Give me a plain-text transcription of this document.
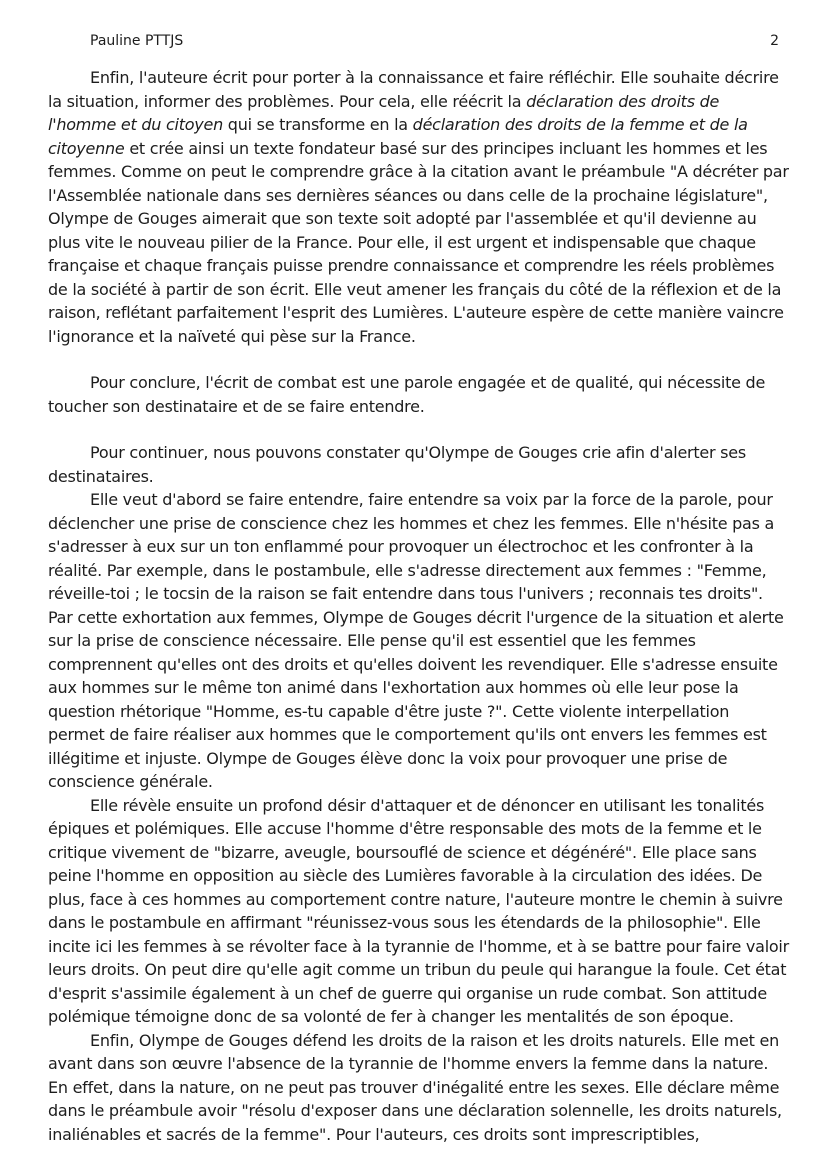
Pauline PTTJS	2

Enfin, l'auteure écrit pour porter à la connaissance et faire réfléchir. Elle souhaite décrire la situation, informer des problèmes. Pour cela, elle réécrit la déclaration des droits de l'homme et du citoyen qui se transforme en la déclaration des droits de la femme et de la citoyenne et crée ainsi un texte fondateur basé sur des principes incluant les hommes et les femmes. Comme on peut le comprendre grâce à la citation avant le préambule "A décréter par l'Assemblée nationale dans ses dernières séances ou dans celle de la prochaine législature", Olympe de Gouges aimerait que son texte soit adopté par l'assemblée et qu'il devienne au plus vite le nouveau pilier de la France. Pour elle, il est urgent et indispensable que chaque française et chaque français puisse prendre connaissance et comprendre les réels problèmes de la société à partir de son écrit. Elle veut amener les français du côté de la réflexion et de la raison, reflétant parfaitement l'esprit des Lumières. L'auteure espère de cette manière vaincre l'ignorance et la naïveté qui pèse sur la France.

Pour conclure, l'écrit de combat est une parole engagée et de qualité, qui nécessite de toucher son destinataire et de se faire entendre.

Pour continuer, nous pouvons constater qu'Olympe de Gouges crie afin d'alerter ses destinataires.

Elle veut d'abord se faire entendre, faire entendre sa voix par la force de la parole, pour déclencher une prise de conscience chez les hommes et chez les femmes. Elle n'hésite pas a s'adresser à eux sur un ton enflammé pour provoquer un électrochoc et les confronter à la réalité. Par exemple, dans le postambule, elle s'adresse directement aux femmes : "Femme, réveille-toi ; le tocsin de la raison se fait entendre dans tous l'univers ; reconnais tes droits". Par cette exhortation aux femmes, Olympe de Gouges décrit l'urgence de la situation et alerte sur la prise de conscience nécessaire. Elle pense qu'il est essentiel que les femmes comprennent qu'elles ont des droits et qu'elles doivent les revendiquer. Elle s'adresse ensuite aux hommes sur le même ton animé dans l'exhortation aux hommes où elle leur pose la question rhétorique "Homme, es-tu capable d'être juste ?". Cette violente interpellation permet de faire réaliser aux hommes que le comportement qu'ils ont envers les femmes est illégitime et injuste. Olympe de Gouges élève donc la voix pour provoquer une prise de conscience générale.

Elle révèle ensuite un profond désir d'attaquer et de dénoncer en utilisant les tonalités épiques et polémiques. Elle accuse l'homme d'être responsable des mots de la femme et le critique vivement de "bizarre, aveugle, boursouflé de science et dégénéré". Elle place sans peine l'homme en opposition au siècle des Lumières favorable à la circulation des idées. De plus, face à ces hommes au comportement contre nature, l'auteure montre le chemin à suivre dans le postambule en affirmant "réunissez-vous sous les étendards de la philosophie". Elle incite ici les femmes à se révolter face à la tyrannie de l'homme, et à se battre pour faire valoir leurs droits. On peut dire qu'elle agit comme un tribun du peule qui harangue la foule. Cet état d'esprit s'assimile également à un chef de guerre qui organise un rude combat. Son attitude polémique témoigne donc de sa volonté de fer à changer les mentalités de son époque.

Enfin, Olympe de Gouges défend les droits de la raison et les droits naturels. Elle met en avant dans son œuvre l'absence de la tyrannie de l'homme envers la femme dans la nature. En effet, dans la nature, on ne peut pas trouver d'inégalité entre les sexes. Elle déclare même dans le préambule avoir "résolu d'exposer dans une déclaration solennelle, les droits naturels, inaliénables et sacrés de la femme". Pour l'auteurs, ces droits sont imprescriptibles,
